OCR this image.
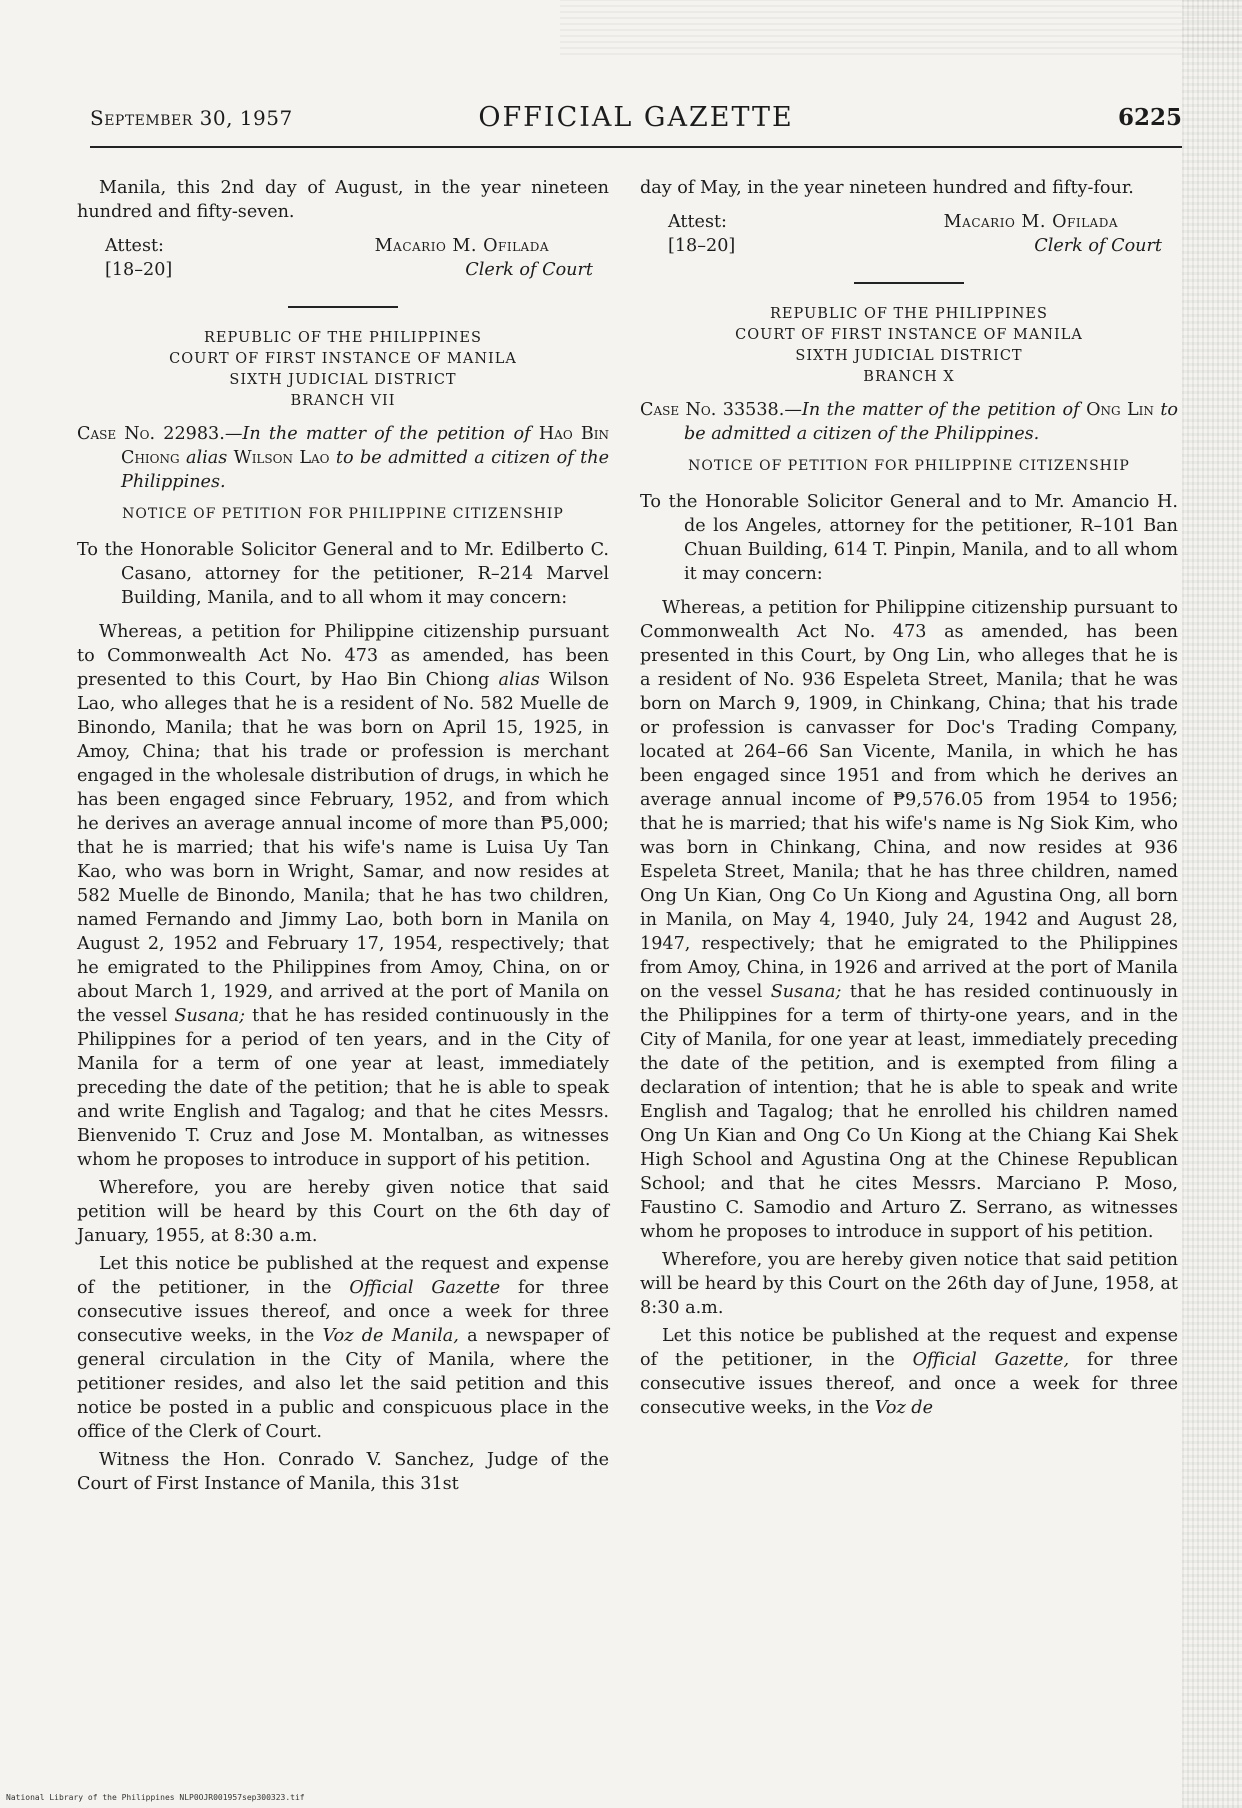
September 30, 1957	OFFICIAL GAZETTE	6225

Manila, this 2nd day of August, in the year nineteen hundred and fifty-seven.

Attest:
[18–20]
Macario M. Ofilada
Clerk of Court
REPUBLIC OF THE PHILIPPINES
COURT OF FIRST INSTANCE OF MANILA
SIXTH JUDICIAL DISTRICT
BRANCH VII

Case No. 22983.—In the matter of the petition of Hao Bin Chiong alias Wilson Lao to be admitted a citizen of the Philippines.

NOTICE OF PETITION FOR PHILIPPINE CITIZENSHIP

To the Honorable Solicitor General and to Mr. Edilberto C. Casano, attorney for the petitioner, R–214 Marvel Building, Manila, and to all whom it may concern:

Whereas, a petition for Philippine citizenship pursuant to Commonwealth Act No. 473 as amended, has been presented to this Court, by Hao Bin Chiong alias Wilson Lao, who alleges that he is a resident of No. 582 Muelle de Binondo, Manila; that he was born on April 15, 1925, in Amoy, China; that his trade or profession is merchant engaged in the wholesale distribution of drugs, in which he has been engaged since February, 1952, and from which he derives an average annual income of more than ₱5,000; that he is married; that his wife's name is Luisa Uy Tan Kao, who was born in Wright, Samar, and now resides at 582 Muelle de Binondo, Manila; that he has two children, named Fernando and Jimmy Lao, both born in Manila on August 2, 1952 and February 17, 1954, respectively; that he emigrated to the Philippines from Amoy, China, on or about March 1, 1929, and arrived at the port of Manila on the vessel Susana; that he has resided continuously in the Philippines for a period of ten years, and in the City of Manila for a term of one year at least, immediately preceding the date of the petition; that he is able to speak and write English and Tagalog; and that he cites Messrs. Bienvenido T. Cruz and Jose M. Montalban, as witnesses whom he proposes to introduce in support of his petition.

Wherefore, you are hereby given notice that said petition will be heard by this Court on the 6th day of January, 1955, at 8:30 a.m.

Let this notice be published at the request and expense of the petitioner, in the Official Gazette for three consecutive issues thereof, and once a week for three consecutive weeks, in the Voz de Manila, a newspaper of general circulation in the City of Manila, where the petitioner resides, and also let the said petition and this notice be posted in a public and conspicuous place in the office of the Clerk of Court.

Witness the Hon. Conrado V. Sanchez, Judge of the Court of First Instance of Manila, this 31st

day of May, in the year nineteen hundred and fifty-four.

Attest:
[18–20]
Macario M. Ofilada
Clerk of Court
REPUBLIC OF THE PHILIPPINES
COURT OF FIRST INSTANCE OF MANILA
SIXTH JUDICIAL DISTRICT
BRANCH X

Case No. 33538.—In the matter of the petition of Ong Lin to be admitted a citizen of the Philippines.

NOTICE OF PETITION FOR PHILIPPINE CITIZENSHIP

To the Honorable Solicitor General and to Mr. Amancio H. de los Angeles, attorney for the petitioner, R–101 Ban Chuan Building, 614 T. Pinpin, Manila, and to all whom it may concern:

Whereas, a petition for Philippine citizenship pursuant to Commonwealth Act No. 473 as amended, has been presented in this Court, by Ong Lin, who alleges that he is a resident of No. 936 Espeleta Street, Manila; that he was born on March 9, 1909, in Chinkang, China; that his trade or profession is canvasser for Doc's Trading Company, located at 264–66 San Vicente, Manila, in which he has been engaged since 1951 and from which he derives an average annual income of ₱9,576.05 from 1954 to 1956; that he is married; that his wife's name is Ng Siok Kim, who was born in Chinkang, China, and now resides at 936 Espeleta Street, Manila; that he has three children, named Ong Un Kian, Ong Co Un Kiong and Agustina Ong, all born in Manila, on May 4, 1940, July 24, 1942 and August 28, 1947, respectively; that he emigrated to the Philippines from Amoy, China, in 1926 and arrived at the port of Manila on the vessel Susana; that he has resided continuously in the Philippines for a term of thirty-one years, and in the City of Manila, for one year at least, immediately preceding the date of the petition, and is exempted from filing a declaration of intention; that he is able to speak and write English and Tagalog; that he enrolled his children named Ong Un Kian and Ong Co Un Kiong at the Chiang Kai Shek High School and Agustina Ong at the Chinese Republican School; and that he cites Messrs. Marciano P. Moso, Faustino C. Samodio and Arturo Z. Serrano, as witnesses whom he proposes to introduce in support of his petition.

Wherefore, you are hereby given notice that said petition will be heard by this Court on the 26th day of June, 1958, at 8:30 a.m.

Let this notice be published at the request and expense of the petitioner, in the Official Gazette, for three consecutive issues thereof, and once a week for three consecutive weeks, in the Voz de

National Library of the Philippines NLP0OJR001957sep300323.tif
